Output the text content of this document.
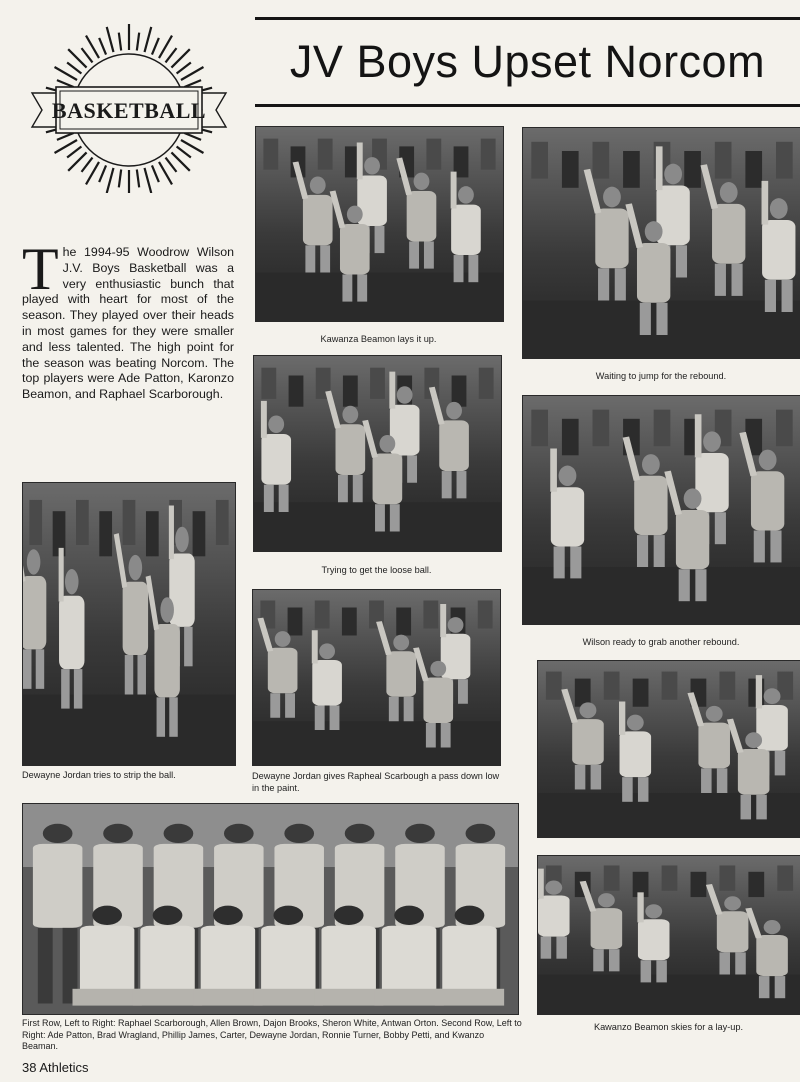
JV Boys Upset Norcom
BASKETBALL
The 1994-95 Woodrow Wilson J.V. Boys Basketball was a very enthusiastic bunch that played with heart for most of the season. They played over their heads in most games for they were smaller and less talented. The high point for the season was beating Norcom. The top players were Ade Patton, Karonzo Beamon, and Raphael Scarborough.
Kawanza Beamon lays it up.
Waiting to jump for the rebound.
Trying to get the loose ball.
Wilson ready to grab another rebound.
Dewayne Jordan tries to strip the ball.	Dewayne Jordan gives Rapheal Scarbough a pass down low in the paint.
First Row, Left to Right: Raphael Scarborough, Allen Brown, Dajon Brooks, Sheron White, Antwan Orton. Second Row, Left to Right: Ade Patton, Brad Wragland, Phillip James, Carter, Dewayne Jordan, Ronnie Turner, Bobby Petti, and Kwanzo Beaman.
Kawanzo Beamon skies for a lay-up.
38 Athletics
